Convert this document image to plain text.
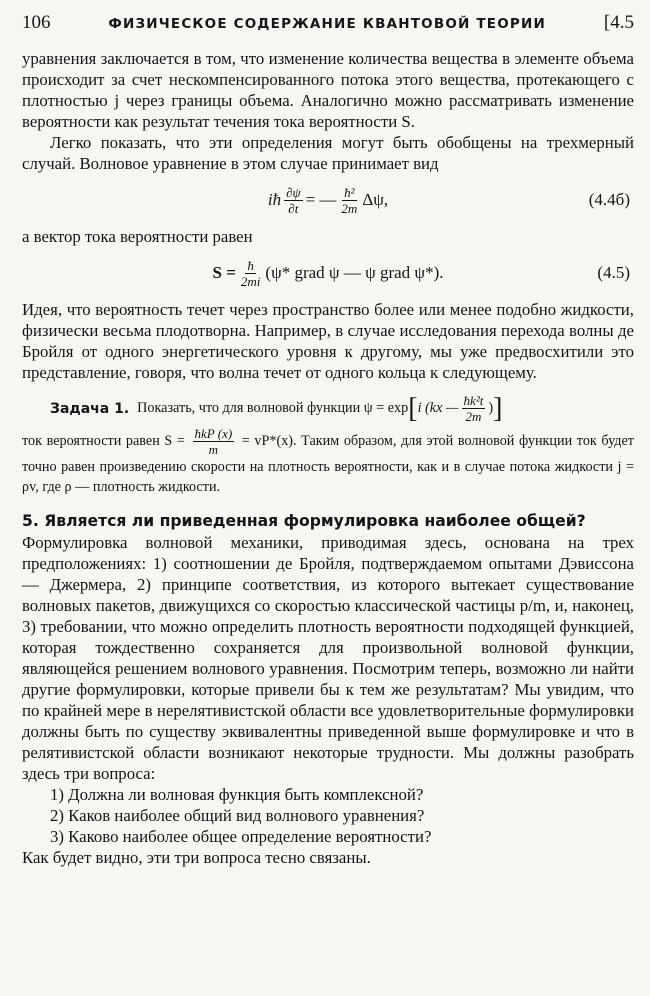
106	ФИЗИЧЕСКОЕ СОДЕРЖАНИЕ КВАНТОВОЙ ТЕОРИИ	[4.5

уравнения заключается в том, что изменение количества вещества в элементе объема происходит за счет нескомпенсированного потока этого вещества, протекающего с плотностью j через границы объема. Аналогично можно рассматривать изменение вероятности как результат течения тока вероятности S.

Легко показать, что эти определения могут быть обобщены на трехмерный случай. Волновое уравнение в этом случае принимает вид

iħ $\frac{\partial\psi}{\partial t}$ = — $\frac{\text{ħ²}}{2m} \Delta\psi$,	(4.4б)

а вектор тока вероятности равен

$S = \frac{ħ}{2mi} (\psi*$ grad ψ — ψ grad ψ*).	(4.5)

Идея, что вероятность течет через пространство более или менее подобно жидкости, физически весьма плодотворна. Например, в случае исследования перехода волны де Бройля от одного энергетического уровня к другому, мы уже предвосхитили это представление, говоря, что волна течет от одного кольца к следующему.

Задача 1. Показать, что для волновой функции ψ = exp [ i (kx — $\frac{\text{ħk²t}}{2m}$ ) ]

ток вероятности равен $S = \frac{\text{ħkP (x)}}{m} = vP*(x)$. Таким образом, для этой волновой функции ток будет точно равен произведению скорости на плотность вероятности, как и в случае потока жидкости j = ρv, где ρ — плотность жидкости.

5. Является ли приведенная формулировка наиболее общей?

Формулировка волновой механики, приводимая здесь, основана на трех предположениях: 1) соотношении де Бройля, подтверждаемом опытами Дэвиссона — Джермера, 2) принципе соответствия, из которого вытекает существование волновых пакетов, движущихся со скоростью классической частицы p/m, и, наконец, 3) требовании, что можно определить плотность вероятности подходящей функцией, которая тождественно сохраняется для произвольной волновой функции, являющейся решением волнового уравнения. Посмотрим теперь, возможно ли найти другие формулировки, которые привели бы к тем же результатам? Мы увидим, что по крайней мере в нерелятивистской области все удовлетворительные формулировки должны быть по существу эквивалентны приведенной выше формулировке и что в релятивистской области возникают некоторые трудности. Мы должны разобрать здесь три вопроса:

1) Должна ли волновая функция быть комплексной?
2) Каков наиболее общий вид волнового уравнения?
3) Каково наиболее общее определение вероятности?

Как будет видно, эти три вопроса тесно связаны.
